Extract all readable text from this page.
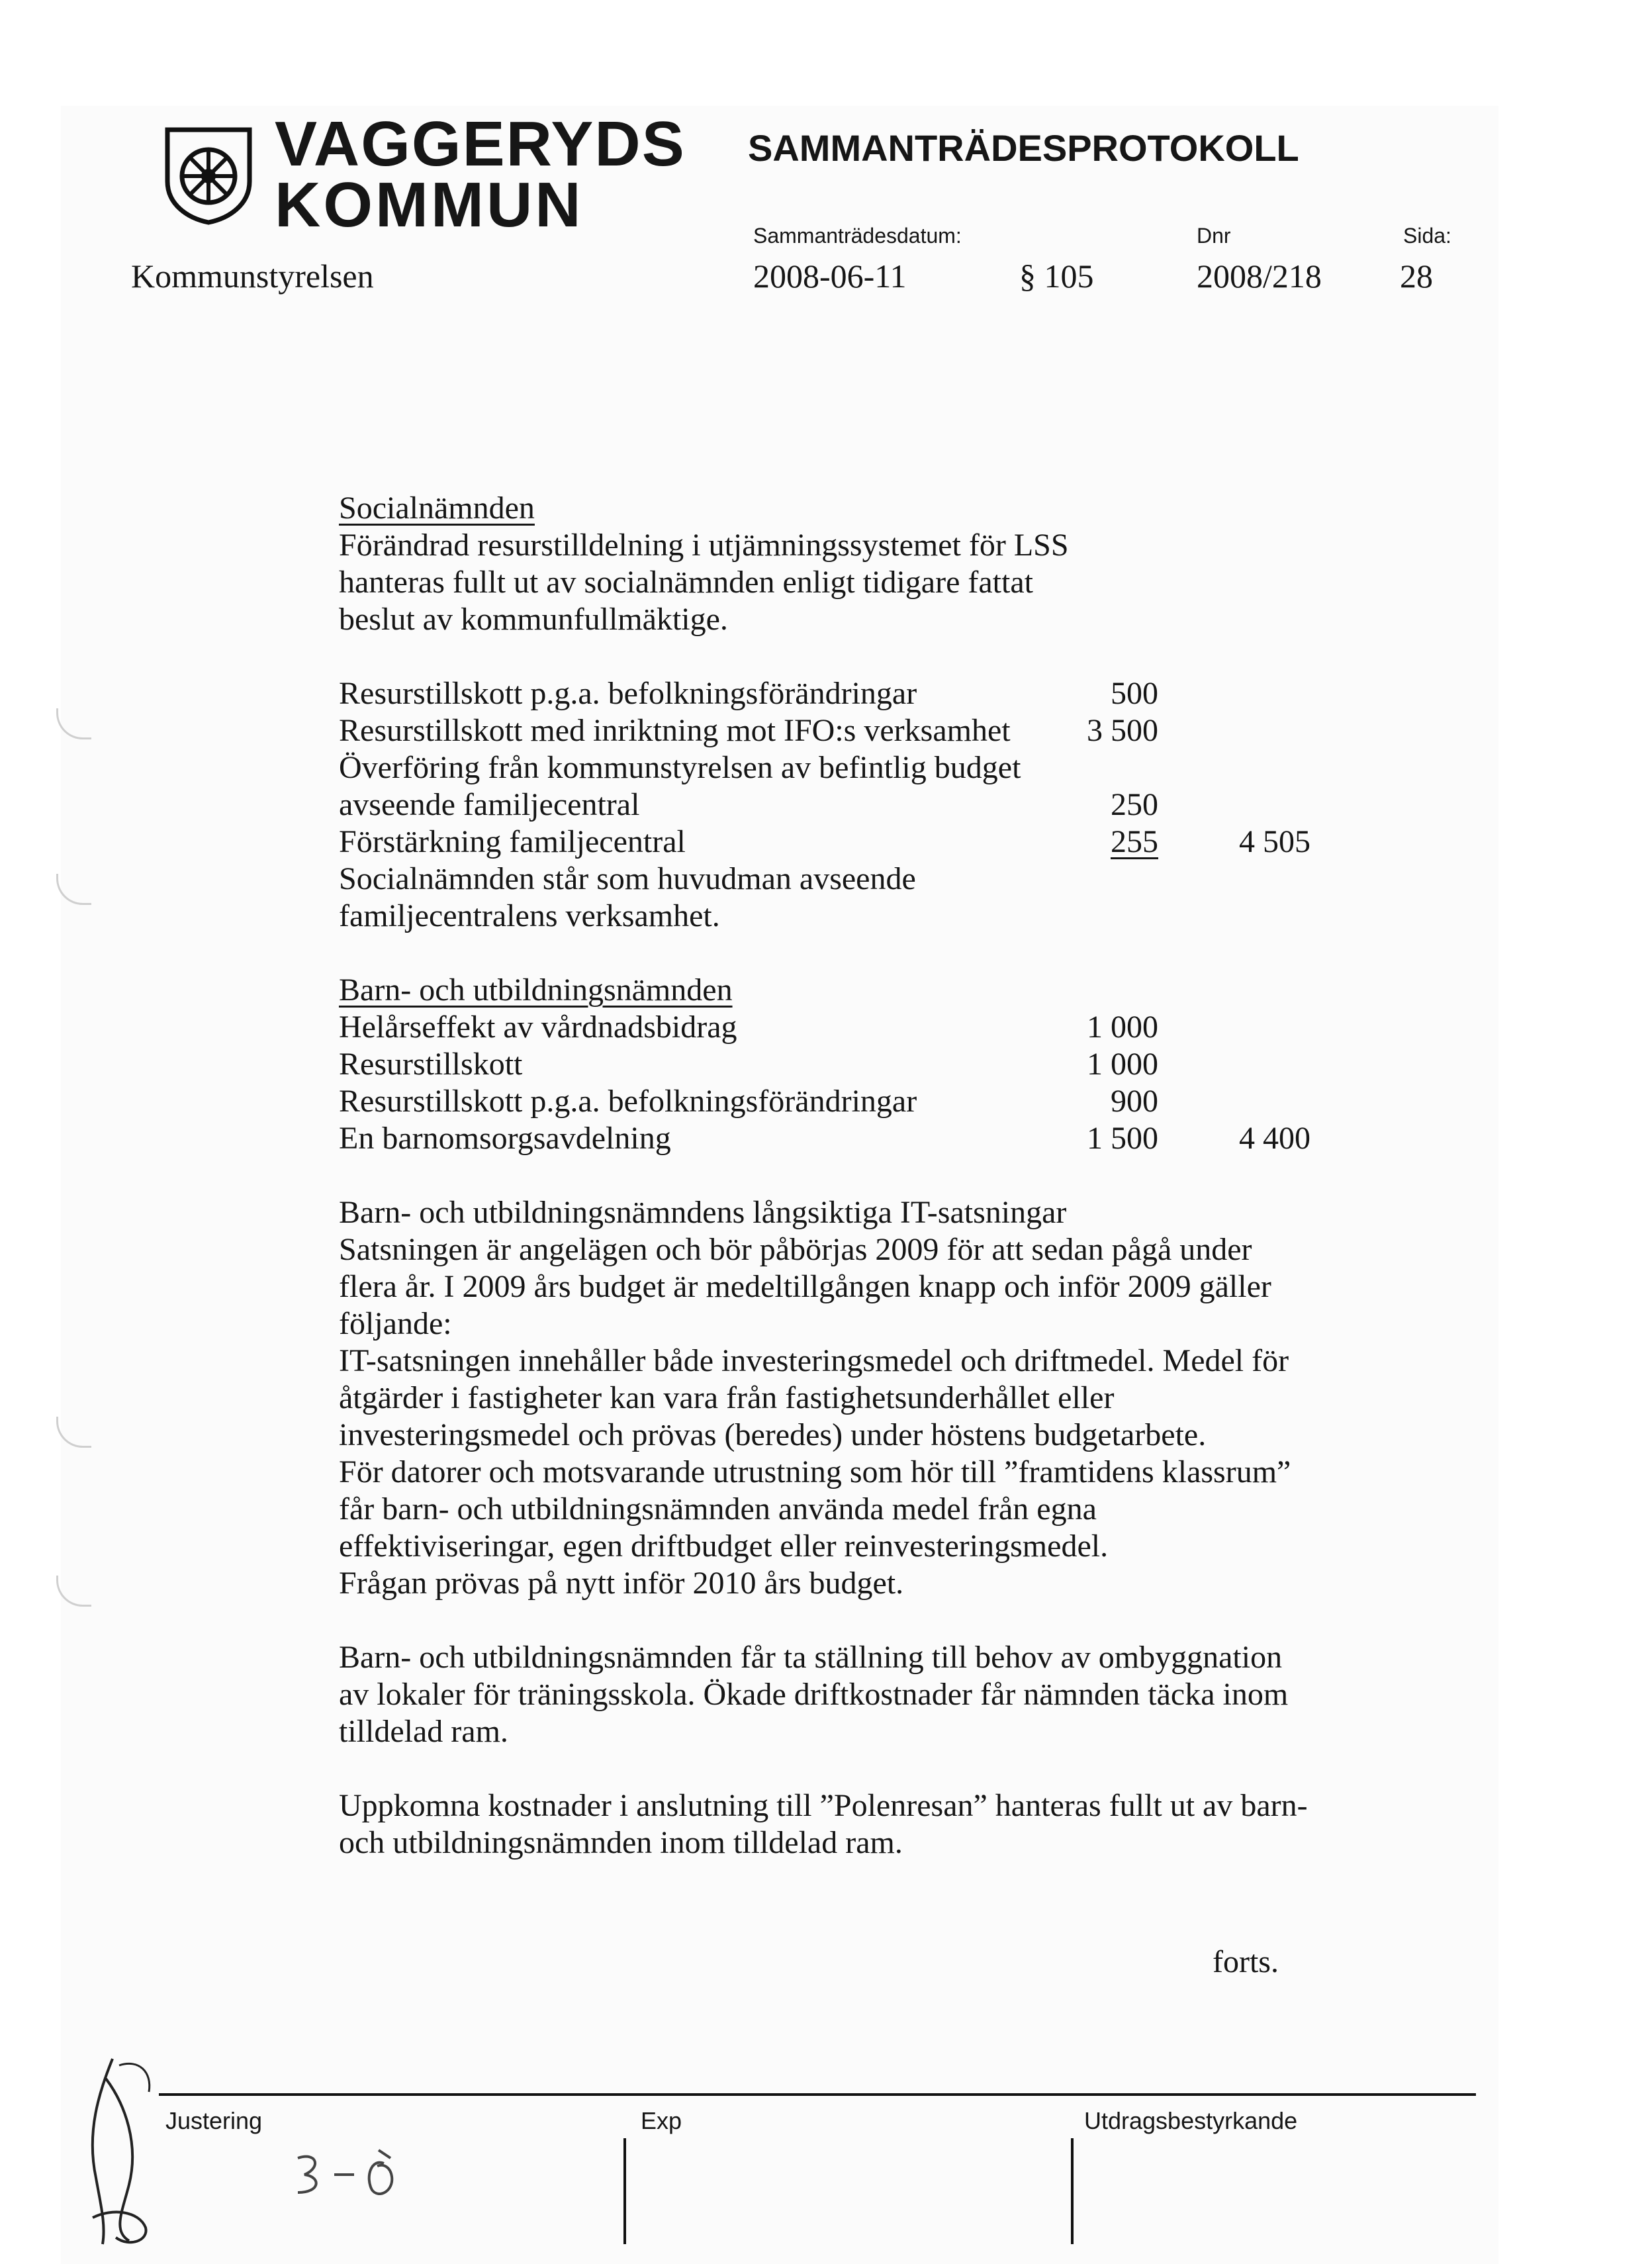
VAGGERYDS
KOMMUN
SAMMANTRÄDESPROTOKOLL
Sammanträdesdatum:	Dnr	Sida:
Kommunstyrelsen	2008-06-11	§ 105	2008/218 28
Socialnämnden
Förändrad resurstilldelning i utjämningssystemet för LSS
hanteras fullt ut av socialnämnden enligt tidigare fattat
beslut av kommunfullmäktige.
Resurstillskott p.g.a. befolkningsförändringar	500
Resurstillskott med inriktning mot IFO:s verksamhet	3 500
Överföring från kommunstyrelsen av befintlig budget
avseende familjecentral	250
Förstärkning familjecentral	255	4 505
Socialnämnden står som huvudman avseende
familjecentralens verksamhet.
Barn- och utbildningsnämnden
Helårseffekt av vårdnadsbidrag	1 000
Resurstillskott	1 000
Resurstillskott p.g.a. befolkningsförändringar	900
En barnomsorgsavdelning	1 500	4 400
Barn- och utbildningsnämndens långsiktiga IT-satsningar
Satsningen är angelägen och bör påbörjas 2009 för att sedan pågå under
flera år. I 2009 års budget är medeltillgången knapp och inför 2009 gäller
följande:
IT-satsningen innehåller både investeringsmedel och driftmedel. Medel för
åtgärder i fastigheter kan vara från fastighetsunderhållet eller
investeringsmedel och prövas (beredes) under höstens budgetarbete.
För datorer och motsvarande utrustning som hör till ”framtidens klassrum”
får barn- och utbildningsnämnden använda medel från egna
effektiviseringar, egen driftbudget eller reinvesteringsmedel.
Frågan prövas på nytt inför 2010 års budget.
Barn- och utbildningsnämnden får ta ställning till behov av ombyggnation
av lokaler för träningsskola. Ökade driftkostnader får nämnden täcka inom
tilldelad ram.
Uppkomna kostnader i anslutning till ”Polenresan” hanteras fullt ut av barn-
och utbildningsnämnden inom tilldelad ram.
forts.
Justering	Exp	Utdragsbestyrkande
